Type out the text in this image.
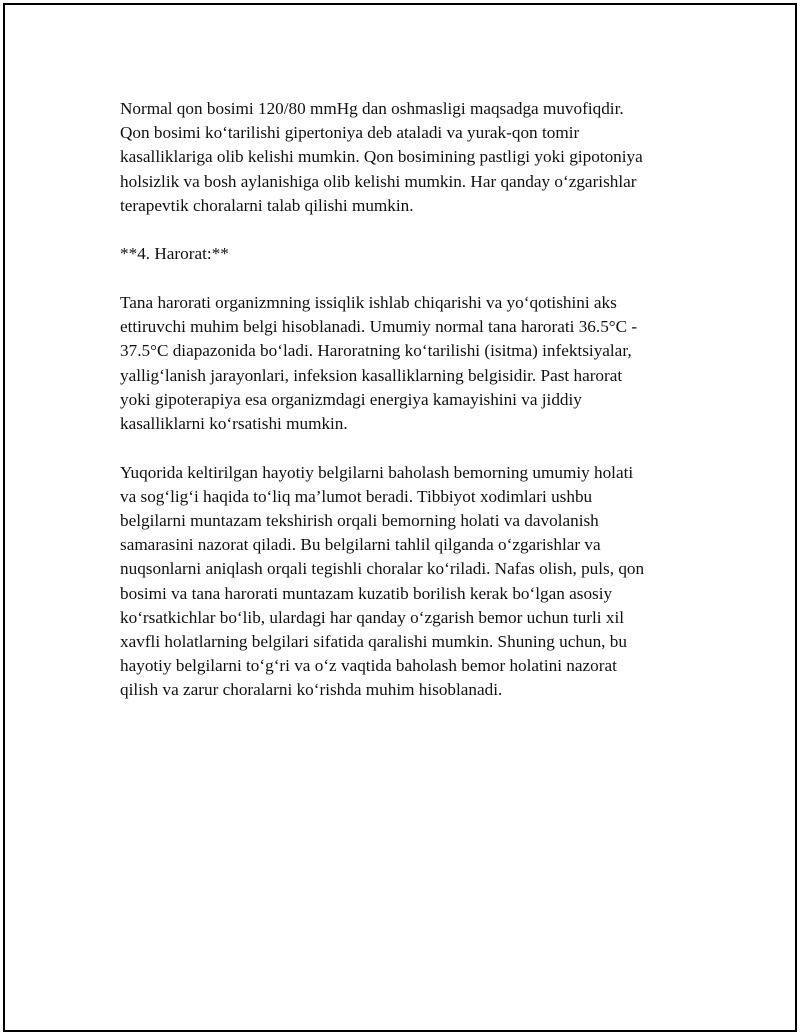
Normal qon bosimi 120/80 mmHg dan oshmasligi maqsadga muvofiqdir.
Qon bosimi ko‘tarilishi gipertoniya deb ataladi va yurak-qon tomir
kasalliklariga olib kelishi mumkin. Qon bosimining pastligi yoki gipotoniya
holsizlik va bosh aylanishiga olib kelishi mumkin. Har qanday o‘zgarishlar
terapevtik choralarni talab qilishi mumkin.

**4. Harorat:**

Tana harorati organizmning issiqlik ishlab chiqarishi va yo‘qotishini aks
ettiruvchi muhim belgi hisoblanadi. Umumiy normal tana harorati 36.5°C -
37.5°C diapazonida bo‘ladi. Haroratning ko‘tarilishi (isitma) infektsiyalar,
yallig‘lanish jarayonlari, infeksion kasalliklarning belgisidir. Past harorat
yoki gipoterapiya esa organizmdagi energiya kamayishini va jiddiy
kasalliklarni ko‘rsatishi mumkin.

Yuqorida keltirilgan hayotiy belgilarni baholash bemorning umumiy holati
va sog‘lig‘i haqida to‘liq ma’lumot beradi. Tibbiyot xodimlari ushbu
belgilarni muntazam tekshirish orqali bemorning holati va davolanish
samarasini nazorat qiladi. Bu belgilarni tahlil qilganda o‘zgarishlar va
nuqsonlarni aniqlash orqali tegishli choralar ko‘riladi. Nafas olish, puls, qon
bosimi va tana harorati muntazam kuzatib borilish kerak bo‘lgan asosiy
ko‘rsatkichlar bo‘lib, ulardagi har qanday o‘zgarish bemor uchun turli xil
xavfli holatlarning belgilari sifatida qaralishi mumkin. Shuning uchun, bu
hayotiy belgilarni to‘g‘ri va o‘z vaqtida baholash bemor holatini nazorat
qilish va zarur choralarni ko‘rishda muhim hisoblanadi.
